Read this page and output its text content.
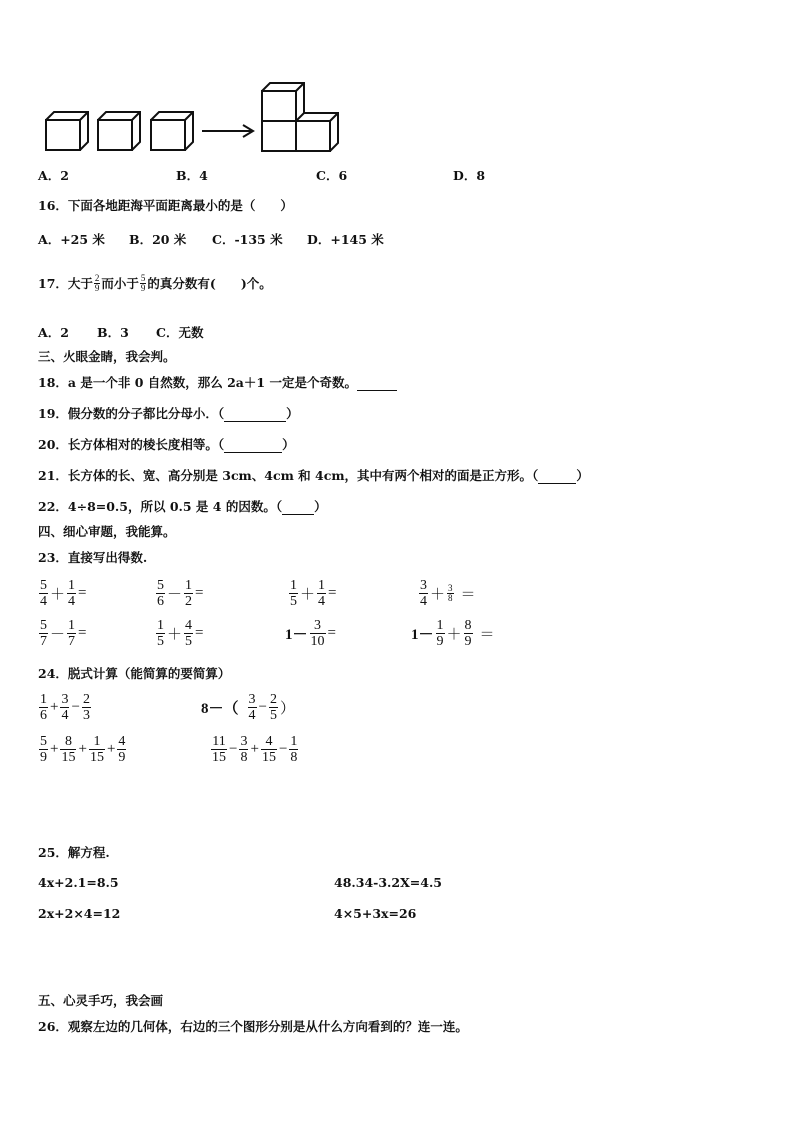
A．2	B．4	C．6	D．8
16．下面各地距海平面距离最小的是（　　）
A．+25 米 B．20 米 C．-135 米 D．+145 米
17．大于 $\frac{2}{9}$ 而小于 $\frac{5}{9}$ 的真分数有(　　)个。
A．2 B．3 C．无数
三、火眼金睛，我会判。
18．a 是一个非 0 自然数，那么 2a＋1 一定是个奇数。
19．假分数的分子都比分母小．（	）
20．长方体相对的棱长度相等。（	）
21．长方体的长、宽、高分别是 3cm、4cm 和 4cm，其中有两个相对的面是正方形。（	）
22．4÷8=0.5，所以 0.5 是 4 的因数。（	）
四、细心审题，我能算。
23．直接写出得数.
$\frac{5}{4} + \frac{1}{4}$ =	$\frac{5}{6} - \frac{1}{2}$ =	$\frac{1}{5} + \frac{1}{4}$ =	$\frac{3}{4} + \frac{3}{8}$ ＝
$\frac{5}{7} - \frac{1}{7}$ =	$\frac{1}{5} + \frac{4}{5}$ =	$1- \frac{3}{10}$ =	$1- \frac{1}{9} + \frac{8}{9}$ ＝
24．脱式计算（能简算的要简算）
$\frac{1}{6} + \frac{3}{4} - \frac{2}{3}$	$8-( \frac{3}{4} - \frac{2}{5}$ ）
$\frac{5}{9} + \frac{8}{15} + \frac{1}{15} + \frac{4}{9}$	$\frac{11}{15} - \frac{3}{8} + \frac{4}{15} - \frac{1}{8}$
25．解方程.
4x+2.1=8.5	48.34-3.2X=4.5
2x+2×4=12	4×5+3x=26
五、心灵手巧，我会画
26．观察左边的几何体，右边的三个图形分别是从什么方向看到的？连一连。
